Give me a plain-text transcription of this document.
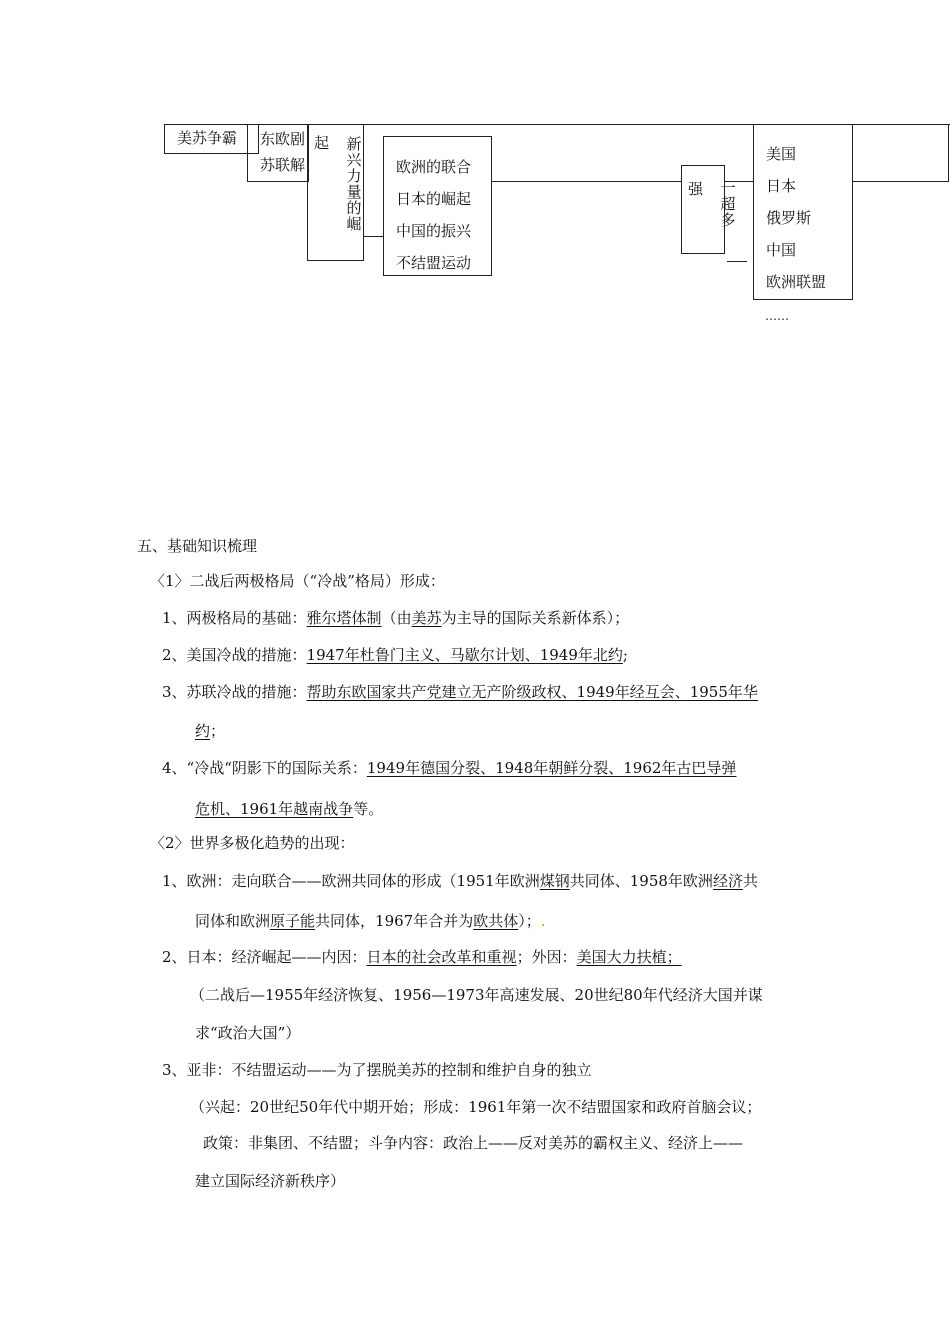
美苏争霸 东欧剧
苏联解
起 新兴力量的崛
欧洲的联合
日本的崛起
中国的振兴
不结盟运动
强 一超多
美国
日本
俄罗斯
中国
欧洲联盟
……
五、基础知识梳理
〈1〉二战后两极格局（“冷战”格局）形成：
1、两极格局的基础：雅尔塔体制（由美苏为主导的国际关系新体系）；
2、美国冷战的措施：1947年杜鲁门主义、马歇尔计划、1949年北约;
3、苏联冷战的措施：帮助东欧国家共产党建立无产阶级政权、1949年经互会、1955年华
约；
4、“冷战“阴影下的国际关系：1949年德国分裂、1948年朝鲜分裂、1962年古巴导弹
危机、1961年越南战争等。
〈2〉世界多极化趋势的出现：
1、欧洲：走向联合——欧洲共同体的形成（1951年欧洲煤钢共同体、1958年欧洲经济共
同体和欧洲原子能共同体，1967年合并为欧共体）；.
2、日本：经济崛起——内因：日本的社会改革和重视；外因：美国大力扶植；
（二战后—1955年经济恢复、1956—1973年高速发展、20世纪80年代经济大国并谋
求“政治大国”）
3、亚非：不结盟运动——为了摆脱美苏的控制和维护自身的独立
（兴起：20世纪50年代中期开始；形成：1961年第一次不结盟国家和政府首脑会议；
政策：非集团、不结盟；斗争内容：政治上——反对美苏的霸权主义、经济上——
建立国际经济新秩序）
